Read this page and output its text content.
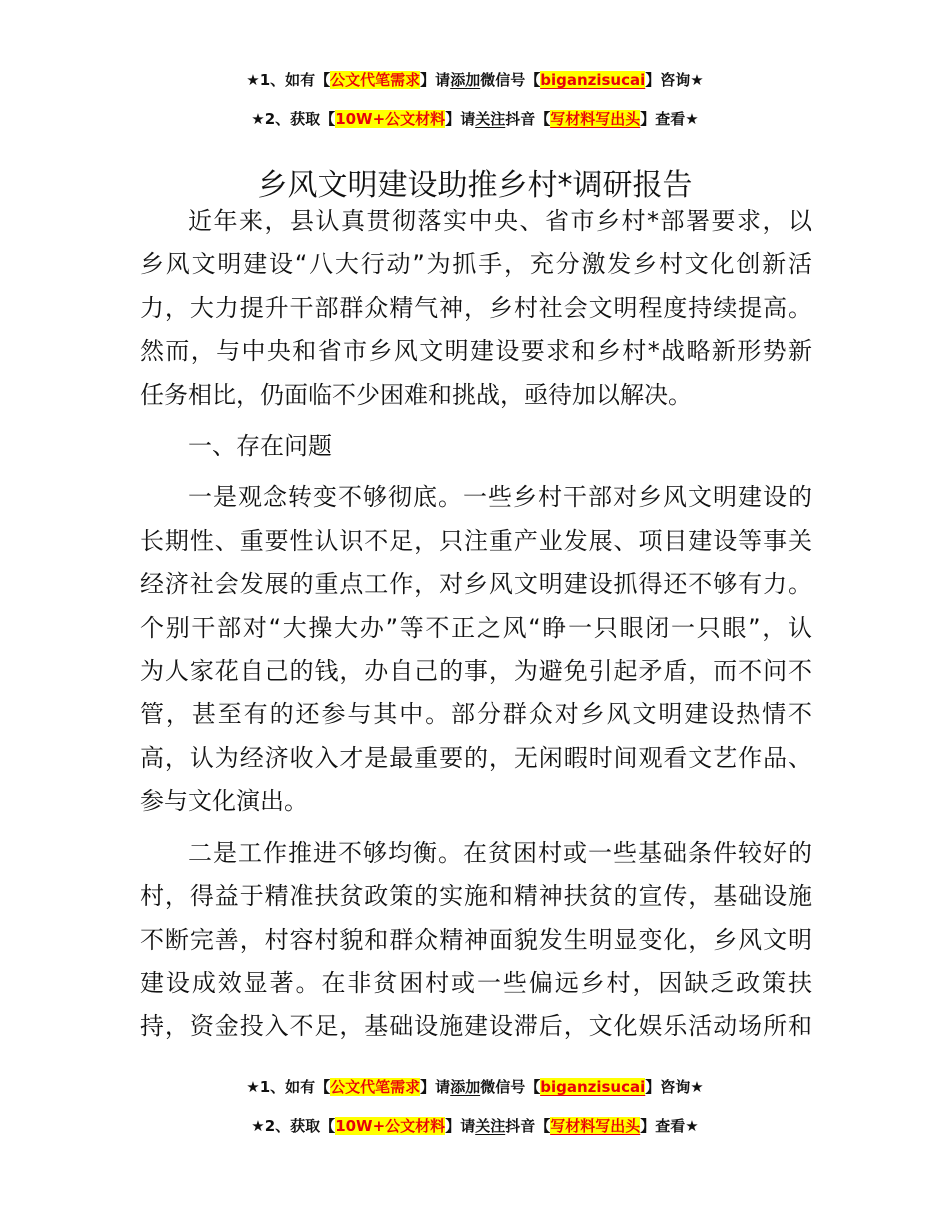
★1、如有【公文代笔需求】请添加微信号【biganzisucai】咨询★
★2、获取【10W+公文材料】请关注抖音【写材料写出头】查看★
乡风文明建设助推乡村*调研报告
近年来，县认真贯彻落实中央、省市乡村*部署要求，以
乡风文明建设“八大行动”为抓手，充分激发乡村文化创新活
力，大力提升干部群众精气神，乡村社会文明程度持续提高。
然而，与中央和省市乡风文明建设要求和乡村*战略新形势新
任务相比，仍面临不少困难和挑战，亟待加以解决。
一、存在问题
一是观念转变不够彻底。一些乡村干部对乡风文明建设的
长期性、重要性认识不足，只注重产业发展、项目建设等事关
经济社会发展的重点工作，对乡风文明建设抓得还不够有力。
个别干部对“大操大办”等不正之风“睁一只眼闭一只眼”，认
为人家花自己的钱，办自己的事，为避免引起矛盾，而不问不
管，甚至有的还参与其中。部分群众对乡风文明建设热情不
高，认为经济收入才是最重要的，无闲暇时间观看文艺作品、
参与文化演出。
二是工作推进不够均衡。在贫困村或一些基础条件较好的
村，得益于精准扶贫政策的实施和精神扶贫的宣传，基础设施
不断完善，村容村貌和群众精神面貌发生明显变化，乡风文明
建设成效显著。在非贫困村或一些偏远乡村，因缺乏政策扶
持，资金投入不足，基础设施建设滞后，文化娱乐活动场所和
★1、如有【公文代笔需求】请添加微信号【biganzisucai】咨询★
★2、获取【10W+公文材料】请关注抖音【写材料写出头】查看★
